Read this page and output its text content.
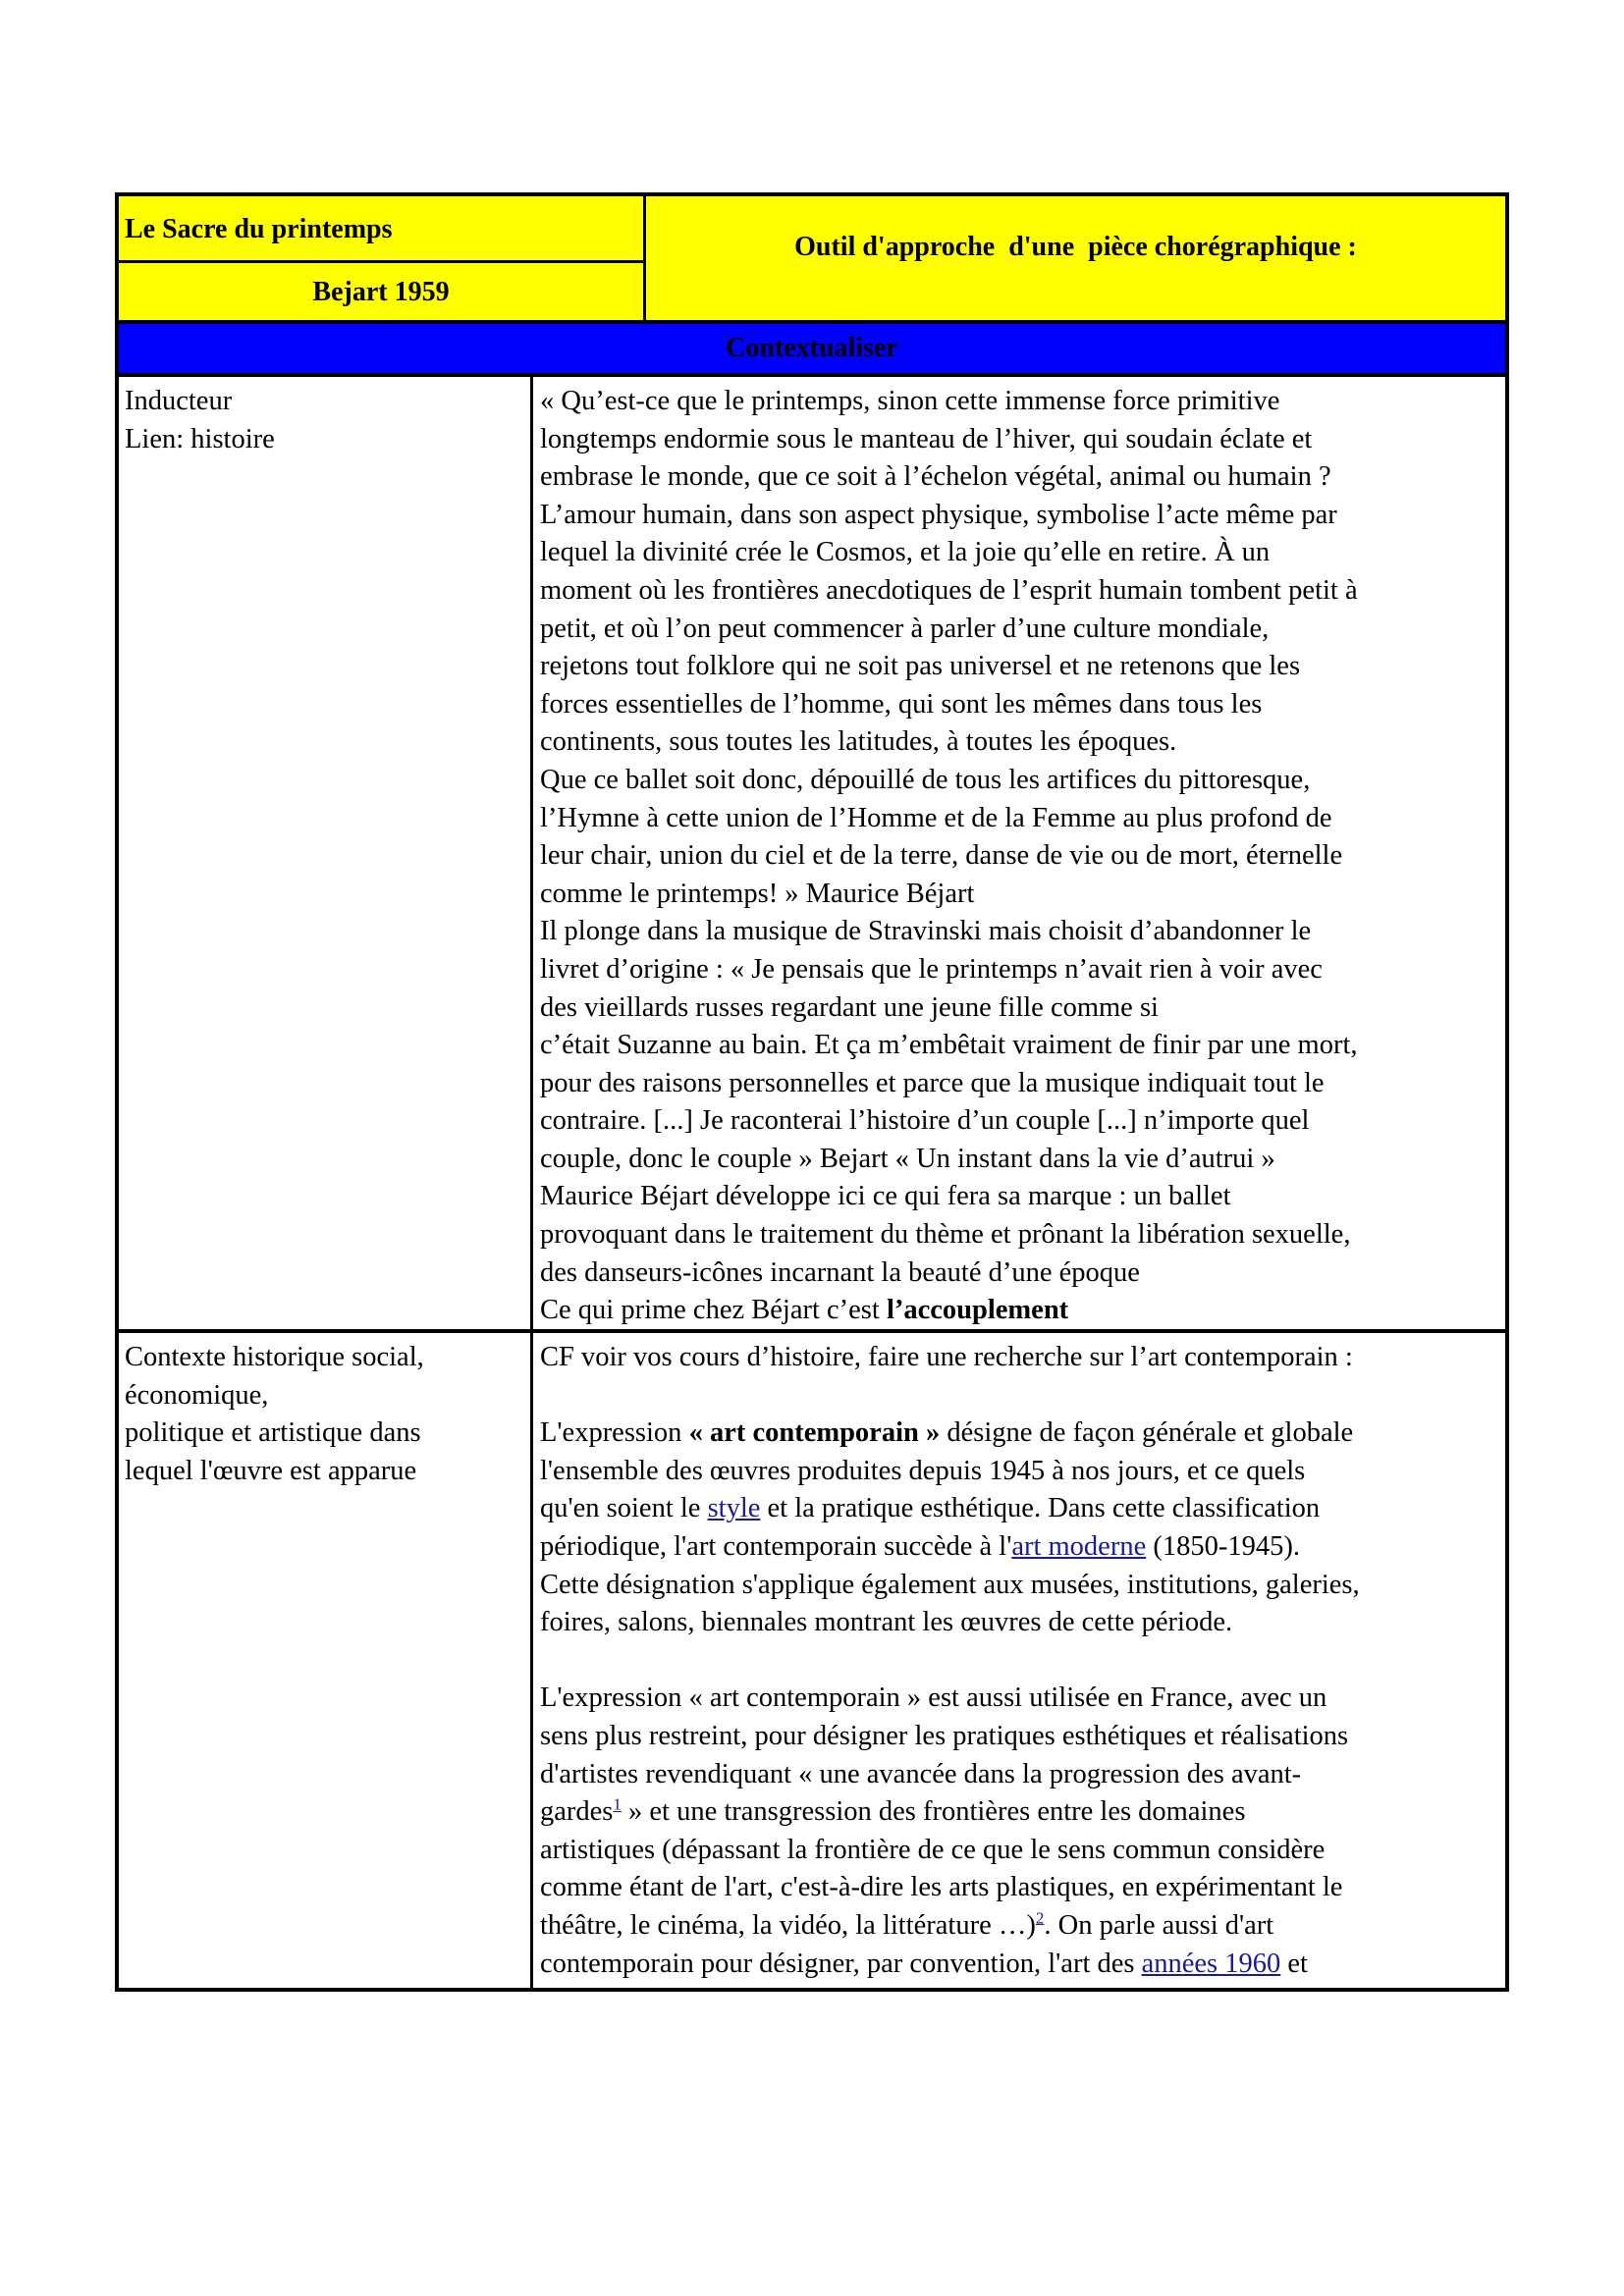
Le Sacre du printemps
Bejart 1959
Outil d'approche  d'une  pièce chorégraphique :
Contextualiser
Inducteur
Lien: histoire
« Qu’est-ce que le printemps, sinon cette immense force primitive
longtemps endormie sous le manteau de l’hiver, qui soudain éclate et
embrase le monde, que ce soit à l’échelon végétal, animal ou humain ?
L’amour humain, dans son aspect physique, symbolise l’acte même par
lequel la divinité crée le Cosmos, et la joie qu’elle en retire. À un
moment où les frontières anecdotiques de l’esprit humain tombent petit à
petit, et où l’on peut commencer à parler d’une culture mondiale,
rejetons tout folklore qui ne soit pas universel et ne retenons que les
forces essentielles de l’homme, qui sont les mêmes dans tous les
continents, sous toutes les latitudes, à toutes les époques.
Que ce ballet soit donc, dépouillé de tous les artifices du pittoresque,
l’Hymne à cette union de l’Homme et de la Femme au plus profond de
leur chair, union du ciel et de la terre, danse de vie ou de mort, éternelle
comme le printemps! » Maurice Béjart
Il plonge dans la musique de Stravinski mais choisit d’abandonner le
livret d’origine : « Je pensais que le printemps n’avait rien à voir avec
des vieillards russes regardant une jeune fille comme si
c’était Suzanne au bain. Et ça m’embêtait vraiment de finir par une mort,
pour des raisons personnelles et parce que la musique indiquait tout le
contraire. [...] Je raconterai l’histoire d’un couple [...] n’importe quel
couple, donc le couple » Bejart « Un instant dans la vie d’autrui »
Maurice Béjart développe ici ce qui fera sa marque : un ballet
provoquant dans le traitement du thème et prônant la libération sexuelle,
des danseurs-icônes incarnant la beauté d’une époque
Ce qui prime chez Béjart c’est l’accouplement
Contexte historique social,
économique,
politique et artistique dans
lequel l'œuvre est apparue
CF voir vos cours d’histoire, faire une recherche sur l’art contemporain :
L'expression « art contemporain » désigne de façon générale et globale
l'ensemble des œuvres produites depuis 1945 à nos jours, et ce quels
qu'en soient le style et la pratique esthétique. Dans cette classification
périodique, l'art contemporain succède à l'art moderne (1850-1945).
Cette désignation s'applique également aux musées, institutions, galeries,
foires, salons, biennales montrant les œuvres de cette période.
L'expression « art contemporain » est aussi utilisée en France, avec un
sens plus restreint, pour désigner les pratiques esthétiques et réalisations
d'artistes revendiquant « une avancée dans la progression des avant-
gardes$^1$ » et une transgression des frontières entre les domaines
artistiques (dépassant la frontière de ce que le sens commun considère
comme étant de l'art, c'est-à-dire les arts plastiques, en expérimentant le
théâtre, le cinéma, la vidéo, la littérature …)$^2$. On parle aussi d'art
contemporain pour désigner, par convention, l'art des années 1960 et
